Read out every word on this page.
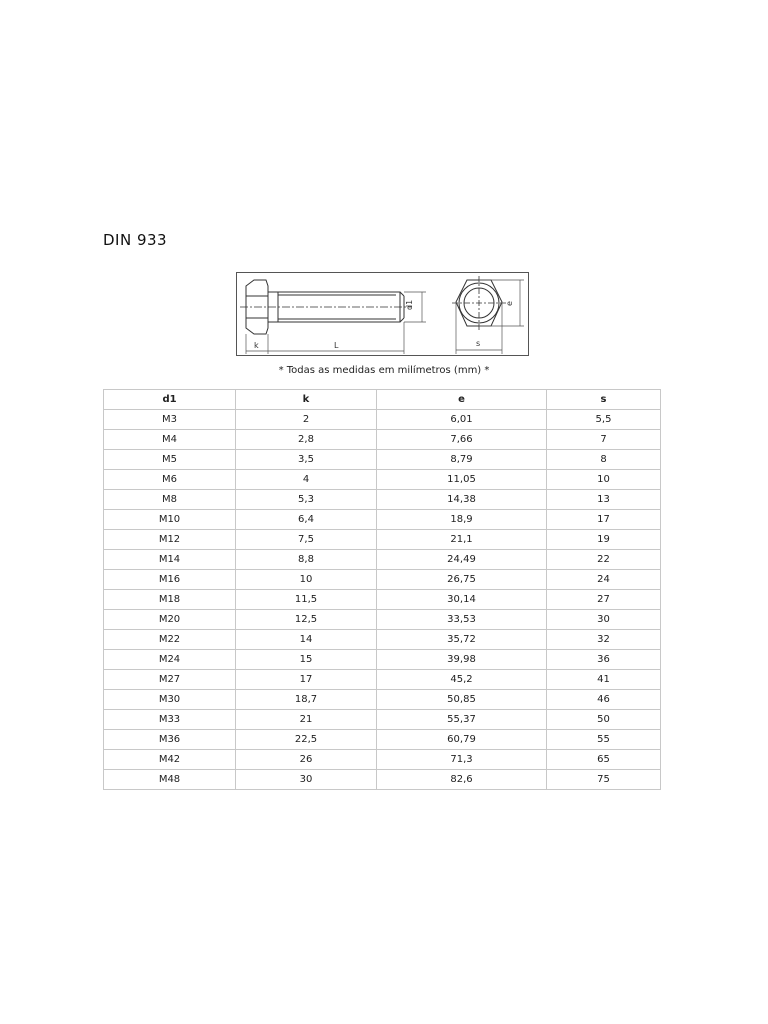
DIN 933
d1
k	L
e
s
* Todas as medidas em milímetros (mm) *
d1	k	e	s
M3	2	6,01	5,5
M4	2,8	7,66	7
M5	3,5	8,79	8
M6	4	11,05	10
M8	5,3	14,38	13
M10	6,4	18,9	17
M12	7,5	21,1	19
M14	8,8	24,49	22
M16	10	26,75	24
M18	11,5	30,14	27
M20	12,5	33,53	30
M22	14	35,72	32
M24	15	39,98	36
M27	17	45,2	41
M30	18,7	50,85	46
M33	21	55,37	50
M36	22,5	60,79	55
M42	26	71,3	65
M48	30	82,6	75
